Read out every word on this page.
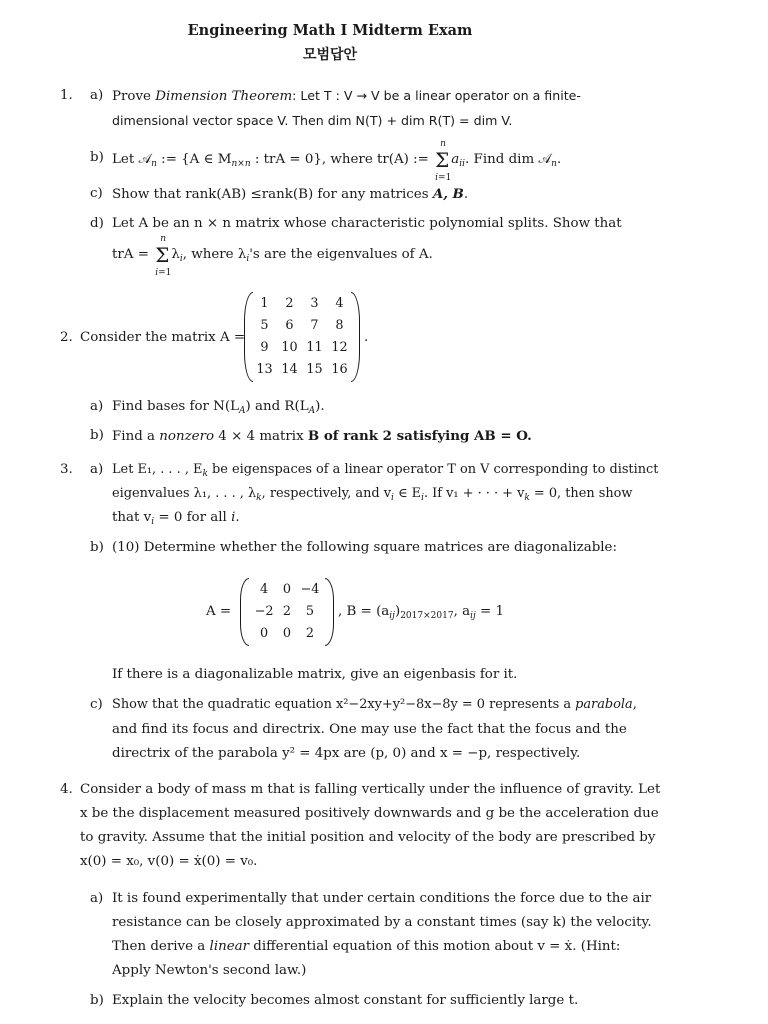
Engineering Math I Midterm Exam
모범답안
1. a) Prove Dimension Theorem: Let T : V → V be a linear operator on a finite-
dimensional vector space V. Then dim N(T) + dim R(T) = dim V.
b) Let 𝒜$_n$ := {A ∈ $M_{n\times n}$ : trA = 0}, where tr(A) := Σ
n
i=1
$a_{ii}$. Find dim 𝒜$_n$.
c) Show that rank(AB) ≤rank(B) for any matrices A, B.
d) Let A be an n × n matrix whose characteristic polynomial splits. Show that
trA = Σ
n
i=1
$\lambda_i$, where $\lambda_i's$ are the eigenvalues of A.
2. Consider the matrix A =
1	2	3	4
5	6	7	8
9	10	11	12
13	14	15	16
.
a) Find bases for $N(L_A)$ and $R(L_A)$.
b) Find a nonzero 4 × 4 matrix B of rank 2 satisfying AB = O.
3. a) Let E₁, . . . , $E_k$ be eigenspaces of a linear operator T on V corresponding to distinct
eigenvalues λ₁, . . . , $\lambda_k$, respectively, and $v_i$ ∈ $E_i$. If v₁ + · · · + $v_k = 0$, then show
that $v_i = 0$ for all i.
b) (10) Determine whether the following square matrices are diagonalizable:
A =
4	0	−4
−2	2	5
0	0	2
, $B = (a_{ij})_{2017\times 2017}$, $a_{ij} = 1$
If there is a diagonalizable matrix, give an eigenbasis for it.
c) Show that the quadratic equation x²−2xy+y²−8x−8y = 0 represents a parabola,
and find its focus and directrix. One may use the fact that the focus and the
directrix of the parabola y² = 4px are (p, 0) and x = −p, respectively.
4. Consider a body of mass m that is falling vertically under the influence of gravity. Let
x be the displacement measured positively downwards and g be the acceleration due
to gravity. Assume that the initial position and velocity of the body are prescribed by
x(0) = x₀, v(0) = ẋ(0) = v₀.
a) It is found experimentally that under certain conditions the force due to the air
resistance can be closely approximated by a constant times (say k) the velocity.
Then derive a linear differential equation of this motion about v = ẋ. (Hint:
Apply Newton's second law.)
b) Explain the velocity becomes almost constant for sufficiently large t.
